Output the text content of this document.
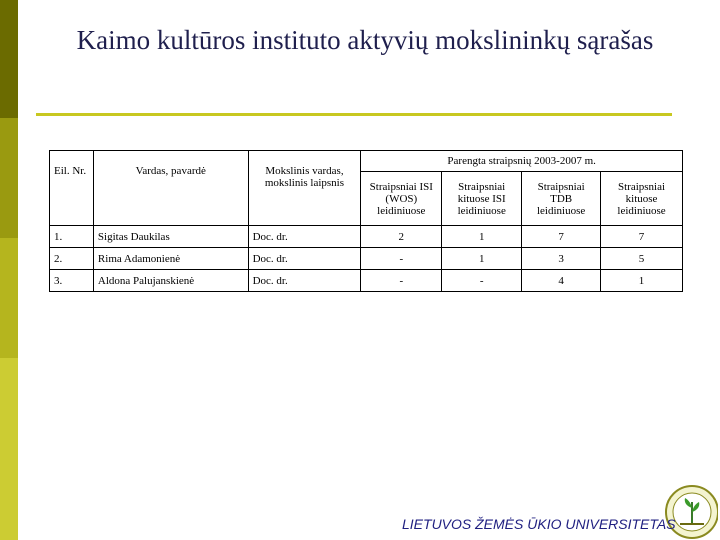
Kaimo kultūros instituto aktyvių mokslininkų sąrašas
Eil. Nr.	Vardas, pavardė	Mokslinis vardas, mokslinis laipsnis	Parengta straipsnių 2003-2007 m.			
			Straipsniai ISI (WOS) leidiniuose	Straipsniai kituose ISI leidiniuose	Straipsniai TDB leidiniuose	Straipsniai kituose leidiniuose
1.	Sigitas Daukilas	Doc. dr.	2	1	7	7
2.	Rima Adamonienė	Doc. dr.	-	1	3	5
3.	Aldona Palujanskienė	Doc. dr.	-	-	4	1
LIETUVOS ŽEMĖS ŪKIO UNIVERSITETAS
